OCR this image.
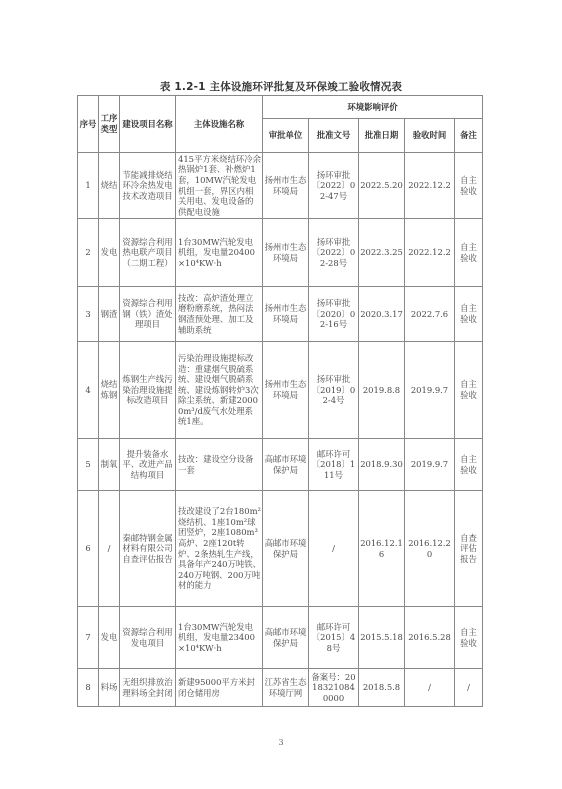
表 1.2-1 主体设施环评批复及环保竣工验收情况表
序号	工序类型	建设项目名称	主体设施名称	环境影响评价				
				审批单位	批准文号	批准日期	验收时间	备注
1	烧结	节能减排烧结环冷余热发电技术改造项目	415平方米烧结环冷余热锅炉1套、补燃炉1套，10MW汽轮发电机组一套，界区内相关用电、发电设备的供配电设施	扬州市生态环境局	扬环审批〔2022〕02-47号	2022.5.20	2022.12.2	自主验收
2	发电	资源综合利用热电联产项目（二期工程）	1台30MW汽轮发电机组，发电量20400×10⁴KW·h	扬州市生态环境局	扬环审批〔2022〕02-28号	2022.3.25	2022.12.2	自主验收
3	钢渣	资源综合利用钢（铁）渣处理项目	技改：高炉渣处理立磨粉磨系统，热闷法钢渣预处理、加工及辅助系统	扬州市生态环境局	扬环审批〔2020〕02-16号	2020.3.17	2022.7.6	自主验收
4	烧结炼钢	炼钢生产线污染治理设施提标改造项目	污染治理设施提标改造：重建烟气脱硫系统、建设烟气脱硝系统、建设炼钢转炉3次除尘系统、新建20000m³/d废气水处理系统1座。	扬州市生态环境局	扬环审批〔2019〕02-4号	2019.8.8	2019.9.7	自主验收
5	制氧	提升装备水平、改进产品结构项目	技改：建设空分设备一套	高邮市环境保护局	邮环许可〔2018〕111号	2018.9.30	2019.9.7	自主验收
6	/	秦邮特钢金属材料有限公司自查评估报告	技改建设了2台180m²烧结机、1座10m²球团竖炉，2座1080m³高炉、2座120t转炉、2条热轧生产线，具备年产240万吨铁、240万吨钢、200万吨材的能力	高邮市环境保护局	/	2016.12.16	2016.12.20	自查评估报告
7	发电	资源综合利用发电项目	1台30MW汽轮发电机组，发电量23400×10⁴KW·h	高邮市环境保护局	邮环许可〔2015〕48号	2015.5.18	2016.5.28	自主验收
8	料场	无组织排放治理料场全封闭	新建95000平方米封闭仓储用房	江苏省生态环境厅网	备案号：20183210840000	2018.5.8	/	/
3
